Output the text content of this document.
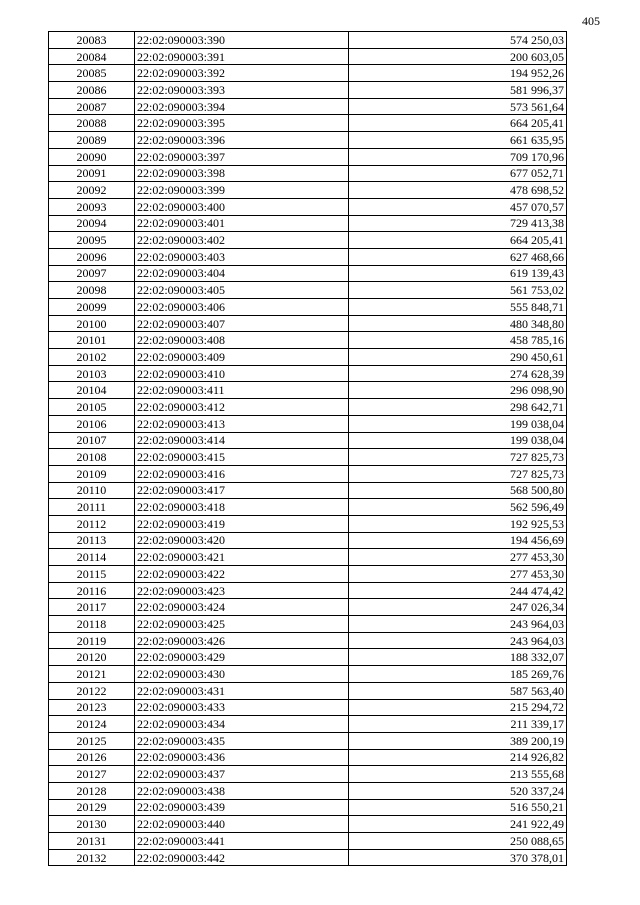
405
20083	22:02:090003:390	574 250,03
20084	22:02:090003:391	200 603,05
20085	22:02:090003:392	194 952,26
20086	22:02:090003:393	581 996,37
20087	22:02:090003:394	573 561,64
20088	22:02:090003:395	664 205,41
20089	22:02:090003:396	661 635,95
20090	22:02:090003:397	709 170,96
20091	22:02:090003:398	677 052,71
20092	22:02:090003:399	478 698,52
20093	22:02:090003:400	457 070,57
20094	22:02:090003:401	729 413,38
20095	22:02:090003:402	664 205,41
20096	22:02:090003:403	627 468,66
20097	22:02:090003:404	619 139,43
20098	22:02:090003:405	561 753,02
20099	22:02:090003:406	555 848,71
20100	22:02:090003:407	480 348,80
20101	22:02:090003:408	458 785,16
20102	22:02:090003:409	290 450,61
20103	22:02:090003:410	274 628,39
20104	22:02:090003:411	296 098,90
20105	22:02:090003:412	298 642,71
20106	22:02:090003:413	199 038,04
20107	22:02:090003:414	199 038,04
20108	22:02:090003:415	727 825,73
20109	22:02:090003:416	727 825,73
20110	22:02:090003:417	568 500,80
20111	22:02:090003:418	562 596,49
20112	22:02:090003:419	192 925,53
20113	22:02:090003:420	194 456,69
20114	22:02:090003:421	277 453,30
20115	22:02:090003:422	277 453,30
20116	22:02:090003:423	244 474,42
20117	22:02:090003:424	247 026,34
20118	22:02:090003:425	243 964,03
20119	22:02:090003:426	243 964,03
20120	22:02:090003:429	188 332,07
20121	22:02:090003:430	185 269,76
20122	22:02:090003:431	587 563,40
20123	22:02:090003:433	215 294,72
20124	22:02:090003:434	211 339,17
20125	22:02:090003:435	389 200,19
20126	22:02:090003:436	214 926,82
20127	22:02:090003:437	213 555,68
20128	22:02:090003:438	520 337,24
20129	22:02:090003:439	516 550,21
20130	22:02:090003:440	241 922,49
20131	22:02:090003:441	250 088,65
20132	22:02:090003:442	370 378,01
